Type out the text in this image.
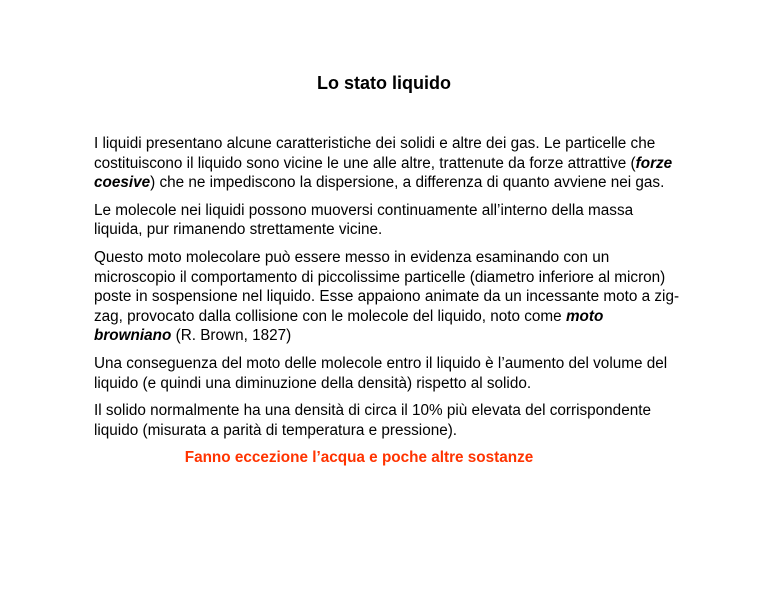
Lo stato liquido

I liquidi presentano alcune caratteristiche dei solidi e altre dei gas. Le particelle che costituiscono il liquido sono vicine le une alle altre, trattenute da forze attrattive (forze coesive) che ne impediscono la dispersione, a differenza di quanto avviene nei gas.

Le molecole nei liquidi possono muoversi continuamente all’interno della massa liquida, pur rimanendo strettamente vicine.

Questo moto molecolare può essere messo in evidenza esaminando con un microscopio il comportamento di piccolissime particelle (diametro inferiore al micron) poste in sospensione nel liquido. Esse appaiono animate da un incessante moto a zig-zag, provocato dalla collisione con le molecole del liquido, noto come moto browniano (R. Brown, 1827)

Una conseguenza del moto delle molecole entro il liquido è l’aumento del volume del liquido (e quindi una diminuzione della densità) rispetto al solido.

Il solido normalmente ha una densità di circa il 10% più elevata del corrispondente liquido (misurata a parità di temperatura e pressione).

Fanno eccezione l’acqua e poche altre sostanze
